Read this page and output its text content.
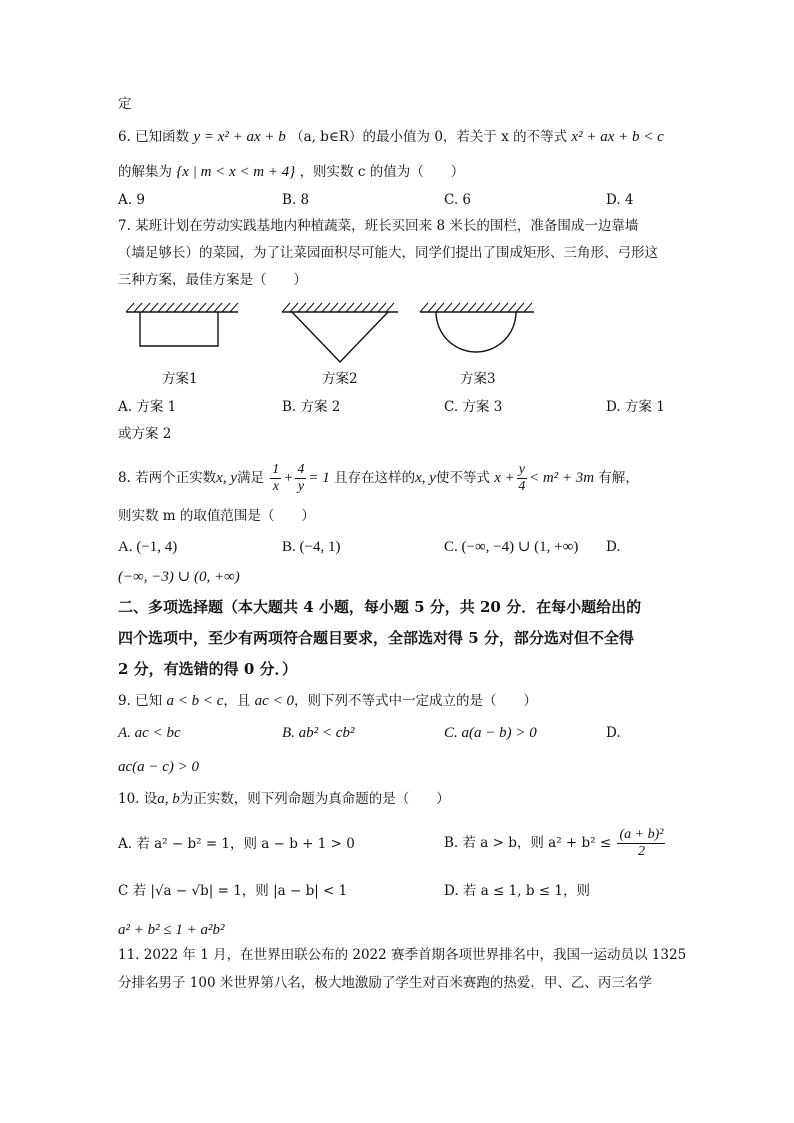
定
6. 已知函数 y = x² + ax + b （a, b∈R）的最小值为 0，若关于 x 的不等式 x² + ax + b < c
的解集为 {x | m < x < m + 4} ，则实数 c 的值为（　　）
A. 9	B. 8	C. 6	D. 4
7. 某班计划在劳动实践基地内种植蔬菜，班长买回来 8 米长的围栏，准备围成一边靠墙
（墙足够长）的菜园，为了让菜园面积尽可能大，同学们提出了围成矩形、三角形、弓形这
三种方案，最佳方案是（　　）
方案1	方案2	方案3
A. 方案 1	B. 方案 2	C. 方案 3	D. 方案 1
或方案 2
8. 若两个正实数x, y满足 $\frac{1}{x} + \frac{4}{y} = 1$ 且存在这样的x, y使不等式 $x + \frac{y}{4} < m^2 + 3m$ 有解，
则实数 m 的取值范围是（　　）
A. (−1, 4)	B. (−4, 1)	C. (−∞, −4) ∪ (1, +∞) D.
(−∞, −3) ∪ (0, +∞)
二、多项选择题（本大题共 4 小题，每小题 5 分，共 20 分．在每小题给出的
四个选项中，至少有两项符合题目要求，全部选对得 5 分，部分选对但不全得
2 分，有选错的得 0 分．）
9. 已知 a < b < c，且 ac < 0，则下列不等式中一定成立的是（　　）
A. ac < bc	B. ab² < cb²	C. a(a − b) > 0	D.
ac(a − c) > 0
10. 设a, b为正实数，则下列命题为真命题的是（　　）
A. 若 a² − b² = 1，则 a − b + 1 > 0	B. 若 a > b，则 $a^2 + b^2 \le \frac{\text{(a + b)²}}{2}$
C 若 |√a − √b| = 1，则 |a − b| < 1	D. 若 a ≤ 1, b ≤ 1，则
a² + b² ≤ 1 + a²b²
11. 2022 年 1 月，在世界田联公布的 2022 赛季首期各项世界排名中，我国一运动员以 1325
分排名男子 100 米世界第八名，极大地激励了学生对百米赛跑的热爱．甲、乙、丙三名学
